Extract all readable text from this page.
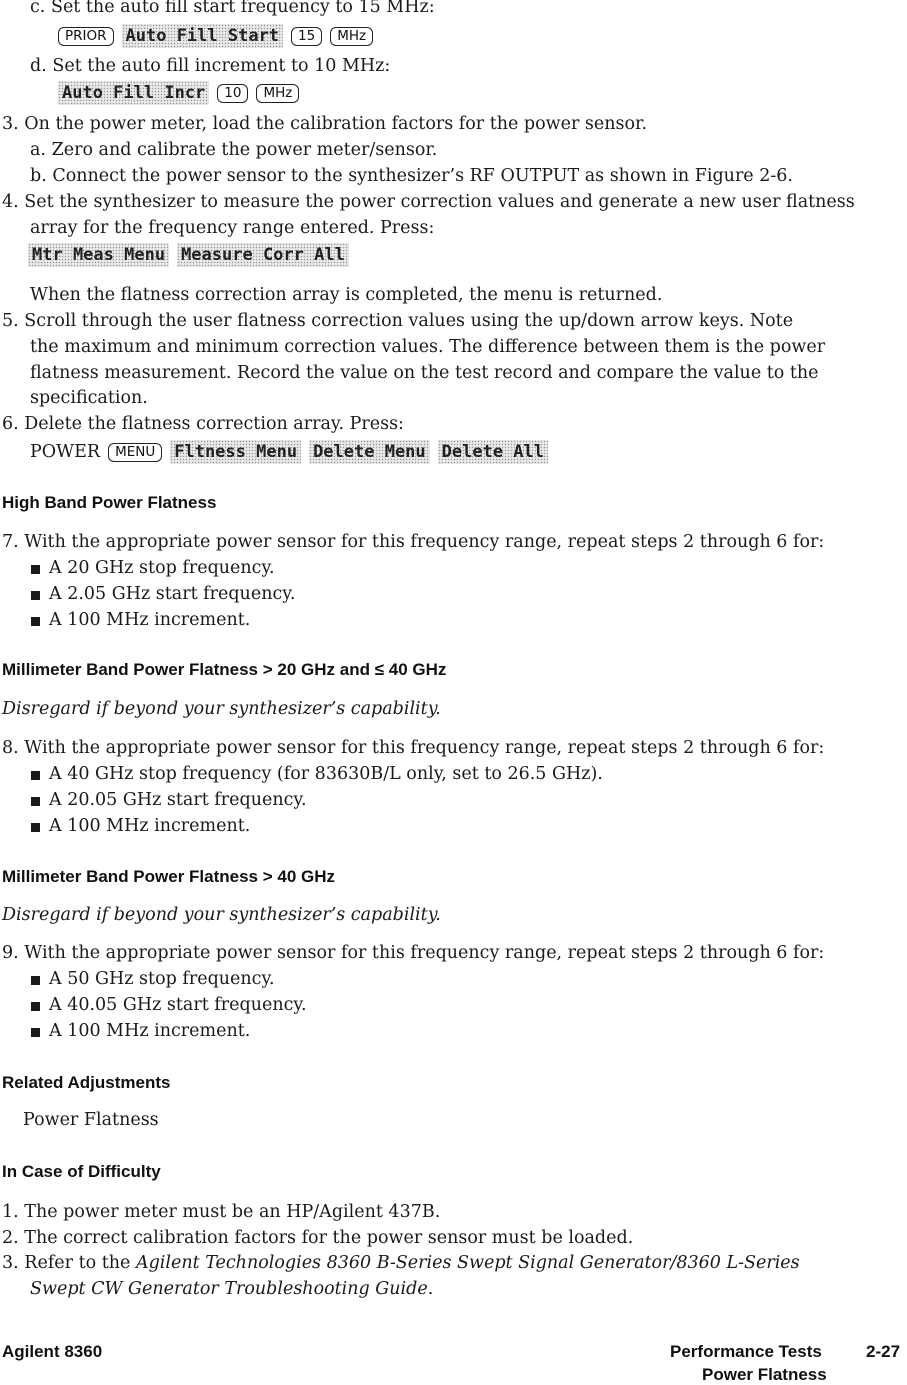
c. Set the auto fill start frequency to 15 MHz:
PRIOR	Auto Fill Start	15	MHz
d. Set the auto fill increment to 10 MHz:
Auto Fill Incr	10	MHz
3. On the power meter, load the calibration factors for the power sensor.
a. Zero and calibrate the power meter/sensor.
b. Connect the power sensor to the synthesizer’s RF OUTPUT as shown in Figure 2-6.
4. Set the synthesizer to measure the power correction values and generate a new user flatness
array for the frequency range entered. Press:
Mtr Meas Menu Measure Corr All
When the flatness correction array is completed, the menu is returned.
5. Scroll through the user flatness correction values using the up/down arrow keys. Note
the maximum and minimum correction values. The difference between them is the power
flatness measurement. Record the value on the test record and compare the value to the
specification.
6. Delete the flatness correction array. Press:
POWER	MENU	Fltness Menu Delete Menu Delete All
High Band Power Flatness
7. With the appropriate power sensor for this frequency range, repeat steps 2 through 6 for:
A 20 GHz stop frequency.
A 2.05 GHz start frequency.
A 100 MHz increment.
Millimeter Band Power Flatness > 20 GHz and ≤ 40 GHz
Disregard if beyond your synthesizer’s capability.
8. With the appropriate power sensor for this frequency range, repeat steps 2 through 6 for:
A 40 GHz stop frequency (for 83630B/L only, set to 26.5 GHz).
A 20.05 GHz start frequency.
A 100 MHz increment.
Millimeter Band Power Flatness > 40 GHz
Disregard if beyond your synthesizer’s capability.
9. With the appropriate power sensor for this frequency range, repeat steps 2 through 6 for:
A 50 GHz stop frequency.
A 40.05 GHz start frequency.
A 100 MHz increment.
Related Adjustments
Power Flatness
In Case of Difficulty
1. The power meter must be an HP/Agilent 437B.
2. The correct calibration factors for the power sensor must be loaded.
3. Refer to the Agilent Technologies 8360 B-Series Swept Signal Generator/8360 L-Series
Swept CW Generator Troubleshooting Guide.
Agilent 8360	Performance Tests	2-27
Power Flatness
